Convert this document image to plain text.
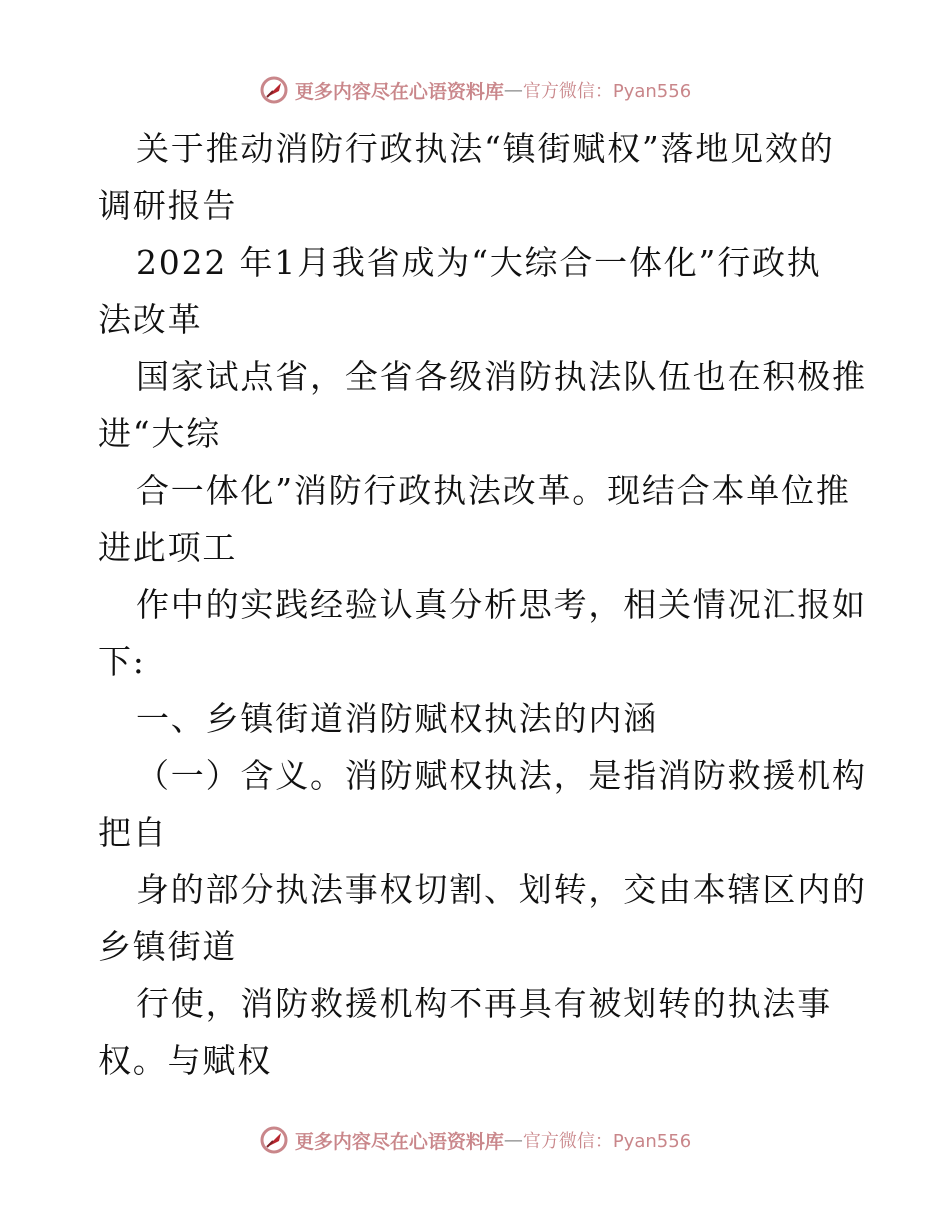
更多内容尽在心语资料库 — 官方微信：Pyan556
关于推动消防行政执法“镇街赋权”落地见效的
调研报告
2022 年1月我省成为“大综合一体化”行政执
法改革
国家试点省，全省各级消防执法队伍也在积极推
进“大综
合一体化”消防行政执法改革。现结合本单位推
进此项工
作中的实践经验认真分析思考，相关情况汇报如
下:
一、乡镇街道消防赋权执法的内涵
（一）含义。消防赋权执法，是指消防救援机构
把自
身的部分执法事权切割、划转，交由本辖区内的
乡镇街道
行使，消防救援机构不再具有被划转的执法事
权。与赋权
更多内容尽在心语资料库 — 官方微信：Pyan556
